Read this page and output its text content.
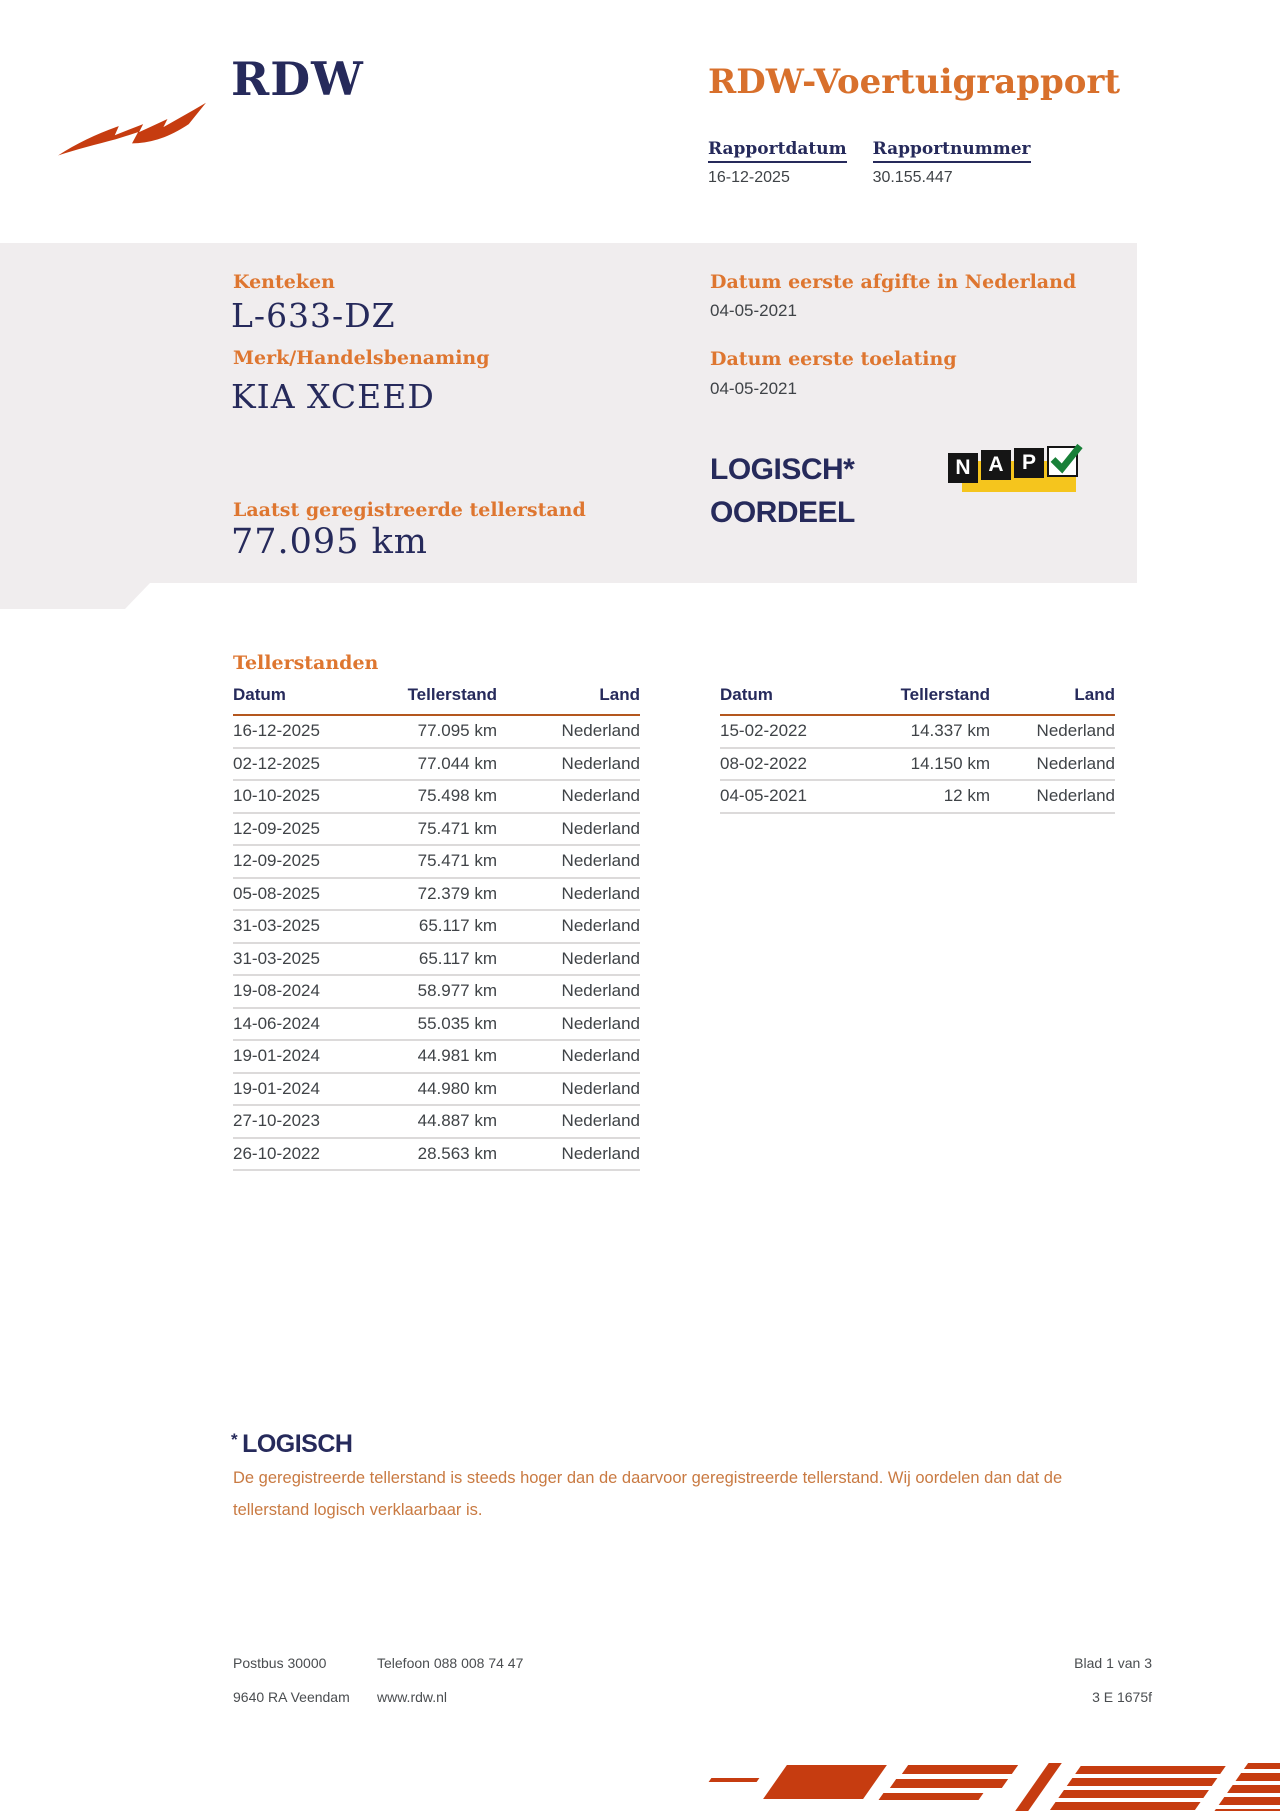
RDW	RDW-Voertuigrapport
Rapportdatum
16-12-2025
Rapportnummer
30.155.447
Kenteken
L-633-DZ
Merk/Handelsbenaming
KIA XCEED
Laatst geregistreerde tellerstand
77.095 km
Datum eerste afgifte in Nederland
04-05-2021
Datum eerste toelating
04-05-2021
LOGISCH*
OORDEEL
N A P
Tellerstanden
Datum	Tellerstand	Land
16-12-2025	77.095 km	Nederland
02-12-2025	77.044 km	Nederland
10-10-2025	75.498 km	Nederland
12-09-2025	75.471 km	Nederland
12-09-2025	75.471 km	Nederland
05-08-2025	72.379 km	Nederland
31-03-2025	65.117 km	Nederland
31-03-2025	65.117 km	Nederland
19-08-2024	58.977 km	Nederland
14-06-2024	55.035 km	Nederland
19-01-2024	44.981 km	Nederland
19-01-2024	44.980 km	Nederland
27-10-2023	44.887 km	Nederland
26-10-2022	28.563 km	Nederland
Datum	Tellerstand	Land
15-02-2022	14.337 km	Nederland
08-02-2022	14.150 km	Nederland
04-05-2021	12 km	Nederland
* LOGISCH

De geregistreerde tellerstand is steeds hoger dan de daarvoor geregistreerde tellerstand. Wij oordelen dan dat de tellerstand logisch verklaarbaar is.

Postbus 30000	Telefoon 088 008 74 47	Blad 1 van 3
9640 RA Veendam www.rdw.nl	3 E 1675f
